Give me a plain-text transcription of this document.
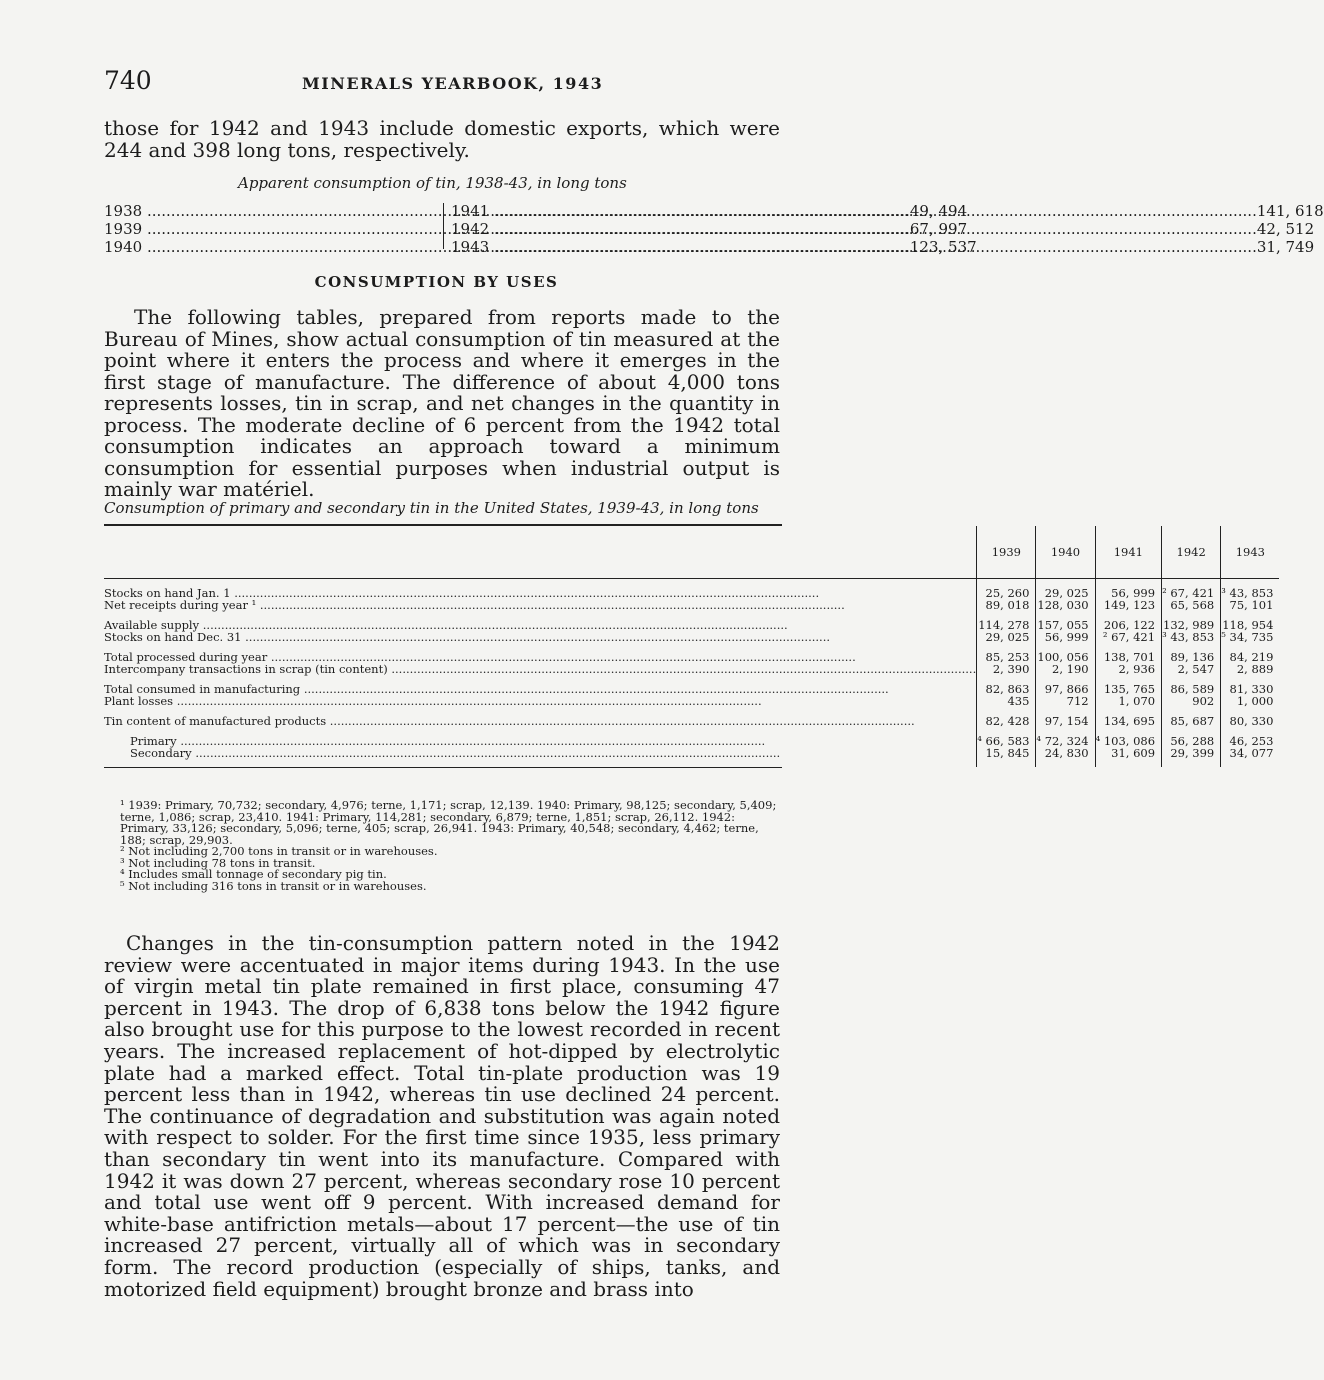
740	MINERALS YEARBOOK, 1943
those for 1942 and 1943 include domestic exports, which were 244 and 398 long tons, respectively.
Apparent consumption of tin, 1938-43, in long tons
1938 .....	49, 494
1939 .....	67, 997
1940 .....	123, 537
1941 .....	141, 618
1942 .....	42, 512
1943 .....	31, 749
CONSUMPTION BY USES
The following tables, prepared from reports made to the Bureau of Mines, show actual consumption of tin measured at the point where it enters the process and where it emerges in the first stage of manufacture. The difference of about 4,000 tons represents losses, tin in scrap, and net changes in the quantity in process. The moderate decline of 6 percent from the 1942 total consumption indicates an approach toward a minimum consumption for essential purposes when industrial output is mainly war matériel.
Consumption of primary and secondary tin in the United States, 1939-43, in long tons
	1939	1940	1941	1942	1943

Stocks on hand Jan. 1 .....	25, 260	29, 025	56, 999	² 67, 421	³ 43, 853
Net receipts during year ¹ .....	89, 018	128, 030	149, 123	65, 568	75, 101

Available supply .....	114, 278	157, 055	206, 122	132, 989	118, 954
Stocks on hand Dec. 31 .....	29, 025	56, 999	² 67, 421	³ 43, 853	⁵ 34, 735

Total processed during year .....	85, 253	100, 056	138, 701	89, 136	84, 219
Intercompany transactions in scrap (tin content) .....	2, 390	2, 190	2, 936	2, 547	2, 889

Total consumed in manufacturing .....	82, 863	97, 866	135, 765	86, 589	81, 330
Plant losses .....	435	712	1, 070	902	1, 000

Tin content of manufactured products .....	82, 428	97, 154	134, 695	85, 687	80, 330

Primary .....	⁴ 66, 583	⁴ 72, 324	⁴ 103, 086	56, 288	46, 253
Secondary .....	15, 845	24, 830	31, 609	29, 399	34, 077

¹ 1939: Primary, 70,732; secondary, 4,976; terne, 1,171; scrap, 12,139. 1940: Primary, 98,125; secondary, 5,409; terne, 1,086; scrap, 23,410. 1941: Primary, 114,281; secondary, 6,879; terne, 1,851; scrap, 26,112. 1942: Primary, 33,126; secondary, 5,096; terne, 405; scrap, 26,941. 1943: Primary, 40,548; secondary, 4,462; terne, 188; scrap, 29,903.

² Not including 2,700 tons in transit or in warehouses.

³ Not including 78 tons in transit.

⁴ Includes small tonnage of secondary pig tin.

⁵ Not including 316 tons in transit or in warehouses.

Changes in the tin-consumption pattern noted in the 1942 review were accentuated in major items during 1943. In the use of virgin metal tin plate remained in first place, consuming 47 percent in 1943. The drop of 6,838 tons below the 1942 figure also brought use for this purpose to the lowest recorded in recent years. The increased replacement of hot-dipped by electrolytic plate had a marked effect. Total tin-plate production was 19 percent less than in 1942, whereas tin use declined 24 percent. The continuance of degradation and substitution was again noted with respect to solder. For the first time since 1935, less primary than secondary tin went into its manufacture. Compared with 1942 it was down 27 percent, whereas secondary rose 10 percent and total use went off 9 percent. With increased demand for white-base antifriction metals—about 17 percent—the use of tin increased 27 percent, virtually all of which was in secondary form. The record production (especially of ships, tanks, and motorized field equipment) brought bronze and brass into
